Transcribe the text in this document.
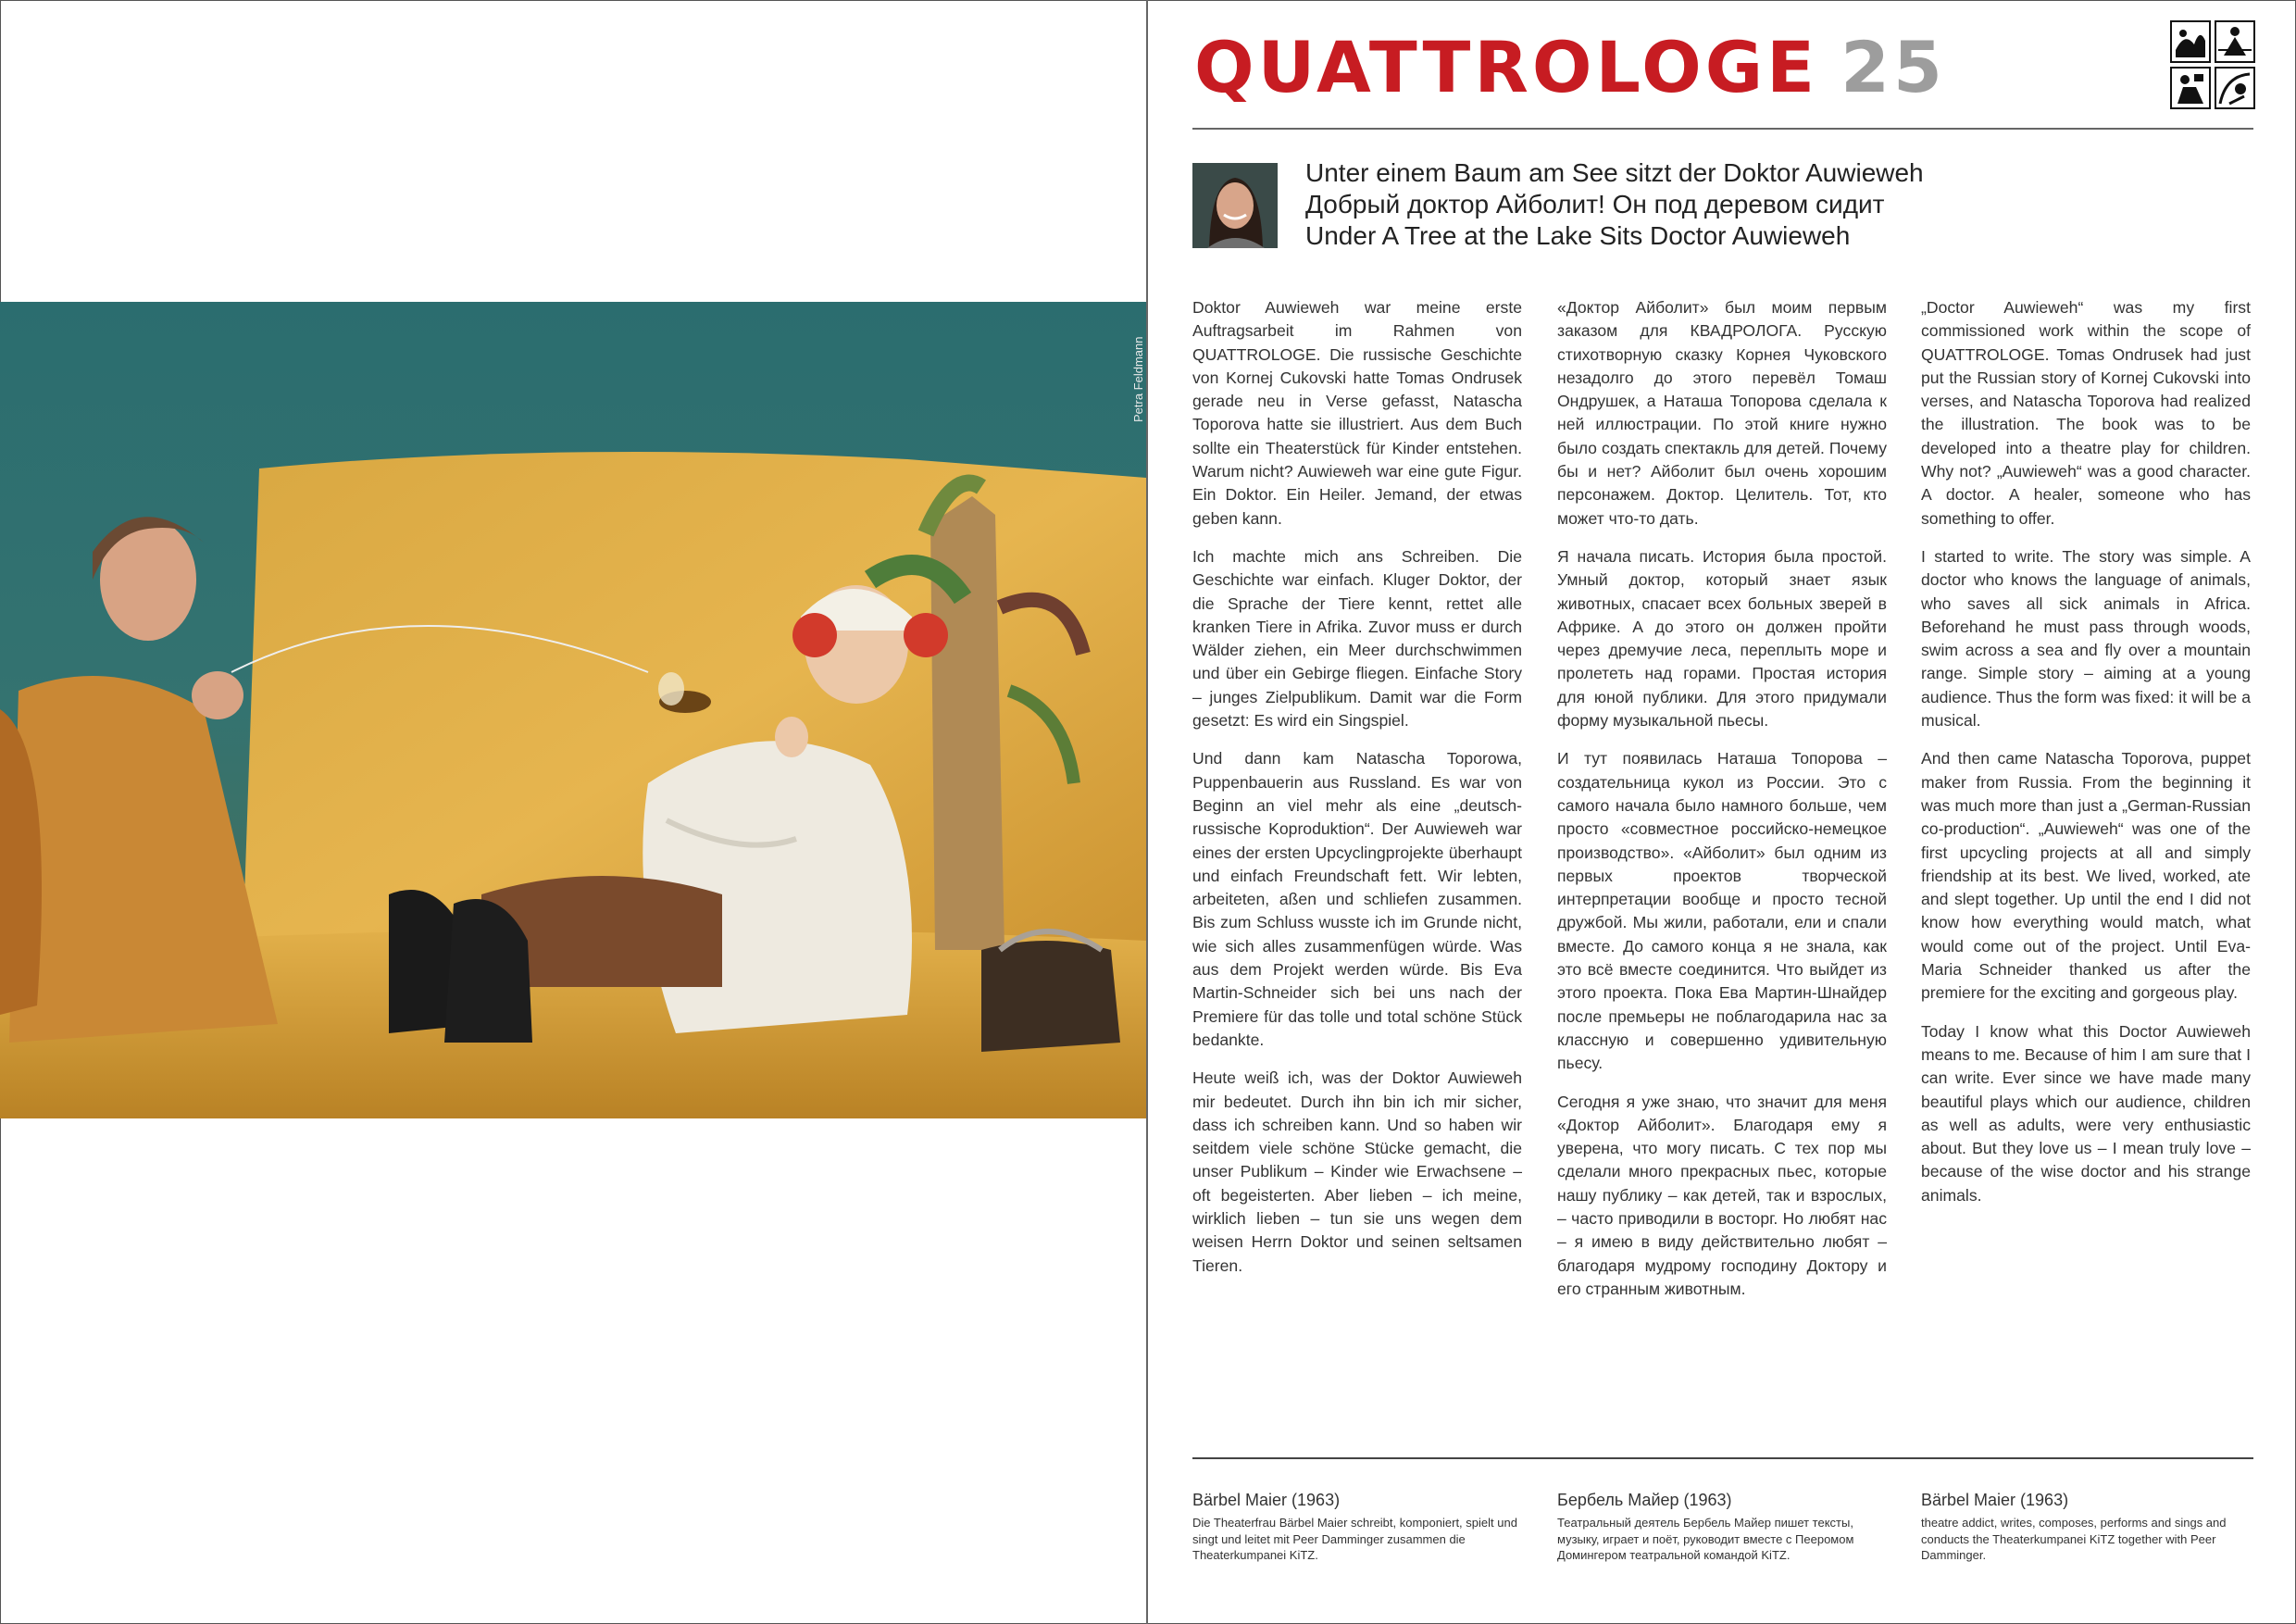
Petra Feldmann
QUATTROLOGE 25
Unter einem Baum am See sitzt der Doktor Auwieweh
Добрый доктор Айболит! Он под деревом сидит
Under A Tree at the Lake Sits Doctor Auwieweh

Doktor Auwieweh war meine erste Auftragsarbeit im Rahmen von QUATTROLOGE. Die russische Geschichte von Kornej Cukovski hatte Tomas Ondrusek gerade neu in Verse gefasst, Natascha Toporova hatte sie illustriert. Aus dem Buch sollte ein Theaterstück für Kinder entstehen. Warum nicht? Auwieweh war eine gute Figur. Ein Doktor. Ein Heiler. Jemand, der etwas geben kann.

Ich machte mich ans Schreiben. Die Geschichte war einfach. Kluger Doktor, der die Sprache der Tiere kennt, rettet alle kranken Tiere in Afrika. Zuvor muss er durch Wälder ziehen, ein Meer durchschwimmen und über ein Gebirge fliegen. Einfache Story – junges Zielpublikum. Damit war die Form gesetzt: Es wird ein Singspiel.

Und dann kam Natascha Toporowa, Puppenbauerin aus Russland. Es war von Beginn an viel mehr als eine „deutsch-russische Koproduktion“. Der Auwieweh war eines der ersten Upcyclingprojekte überhaupt und einfach Freundschaft fett. Wir lebten, arbeiteten, aßen und schliefen zusammen. Bis zum Schluss wusste ich im Grunde nicht, wie sich alles zusammenfügen würde. Was aus dem Projekt werden würde. Bis Eva Martin-Schneider sich bei uns nach der Premiere für das tolle und total schöne Stück bedankte.

Heute weiß ich, was der Doktor Auwieweh mir bedeutet. Durch ihn bin ich mir sicher, dass ich schreiben kann. Und so haben wir seitdem viele schöne Stücke gemacht, die unser Publikum – Kinder wie Erwachsene – oft begeisterten. Aber lieben – ich meine, wirklich lieben – tun sie uns wegen dem weisen Herrn Doktor und seinen seltsamen Tieren.

«Доктор Айболит» был моим первым заказом для КВАДРОЛОГА. Русскую стихотворную сказку Корнея Чуковского незадолго до этого перевёл Томаш Ондрушек, а Наташа Топорова сделала к ней иллюстрации. По этой книге нужно было создать спектакль для детей. Почему бы и нет? Айболит был очень хорошим персонажем. Доктор. Целитель. Тот, кто может что-то дать.

Я начала писать. История была простой. Умный доктор, который знает язык животных, спасает всех больных зверей в Африке. А до этого он должен пройти через дремучие леса, переплыть море и пролететь над горами. Простая история для юной публики. Для этого придумали форму музыкальной пьесы.

И тут появилась Наташа Топорова – создательница кукол из России. Это с самого начала было намного больше, чем просто «совместное российско-немецкое производство». «Айболит» был одним из первых проектов творческой интерпретации вообще и просто тесной дружбой. Мы жили, работали, ели и спали вместе. До самого конца я не знала, как это всё вместе соединится. Что выйдет из этого проекта. Пока Ева Мартин-Шнайдер после премьеры не поблагодарила нас за классную и совершенно удивительную пьесу.

Сегодня я уже знаю, что значит для меня «Доктор Айболит». Благодаря ему я уверена, что могу писать. С тех пор мы сделали много прекрасных пьес, которые нашу публику – как детей, так и взрослых, – часто приводили в восторг. Но любят нас – я имею в виду действительно любят – благодаря мудрому господину Доктору и его странным животным.

„Doctor Auwieweh“ was my first commissioned work within the scope of QUATTROLOGE. Tomas Ondrusek had just put the Russian story of Kornej Cukovski into verses, and Natascha Toporova had realized the illustration. The book was to be developed into a theatre play for children. Why not? „Auwieweh“ was a good character. A doctor. A healer, someone who has something to offer.

I started to write. The story was simple. A doctor who knows the language of animals, who saves all sick animals in Africa. Beforehand he must pass through woods, swim across a sea and fly over a mountain range. Simple story – aiming at a young audience. Thus the form was fixed: it will be a musical.

And then came Natascha Toporova, puppet maker from Russia. From the beginning it was much more than just a „German-Russian co-production“. „Auwieweh“ was one of the first upcycling projects at all and simply friendship at its best. We lived, worked, ate and slept together. Up until the end I did not know how everything would match, what would come out of the project. Until Eva-Maria Schneider thanked us after the premiere for the exciting and gorgeous play.

Today I know what this Doctor Auwieweh means to me. Because of him I am sure that I can write. Ever since we have made many beautiful plays which our audience, children as well as adults, were very enthusiastic about. But they love us – I mean truly love – because of the wise doctor and his strange animals.

Bärbel Maier (1963)
Die Theaterfrau Bärbel Maier schreibt, komponiert, spielt und singt und leitet mit Peer Damminger zusammen die Theaterkumpanei KiTZ.
Бербель Майер (1963)
Театральный деятель Бербель Майер пишет тексты, музыку, играет и поёт, руководит вместе с Пееромом Домингером театральной командой KiTZ.
Bärbel Maier (1963)
theatre addict, writes, composes, performs and sings and conducts the Theaterkumpanei KiTZ together with Peer Damminger.
